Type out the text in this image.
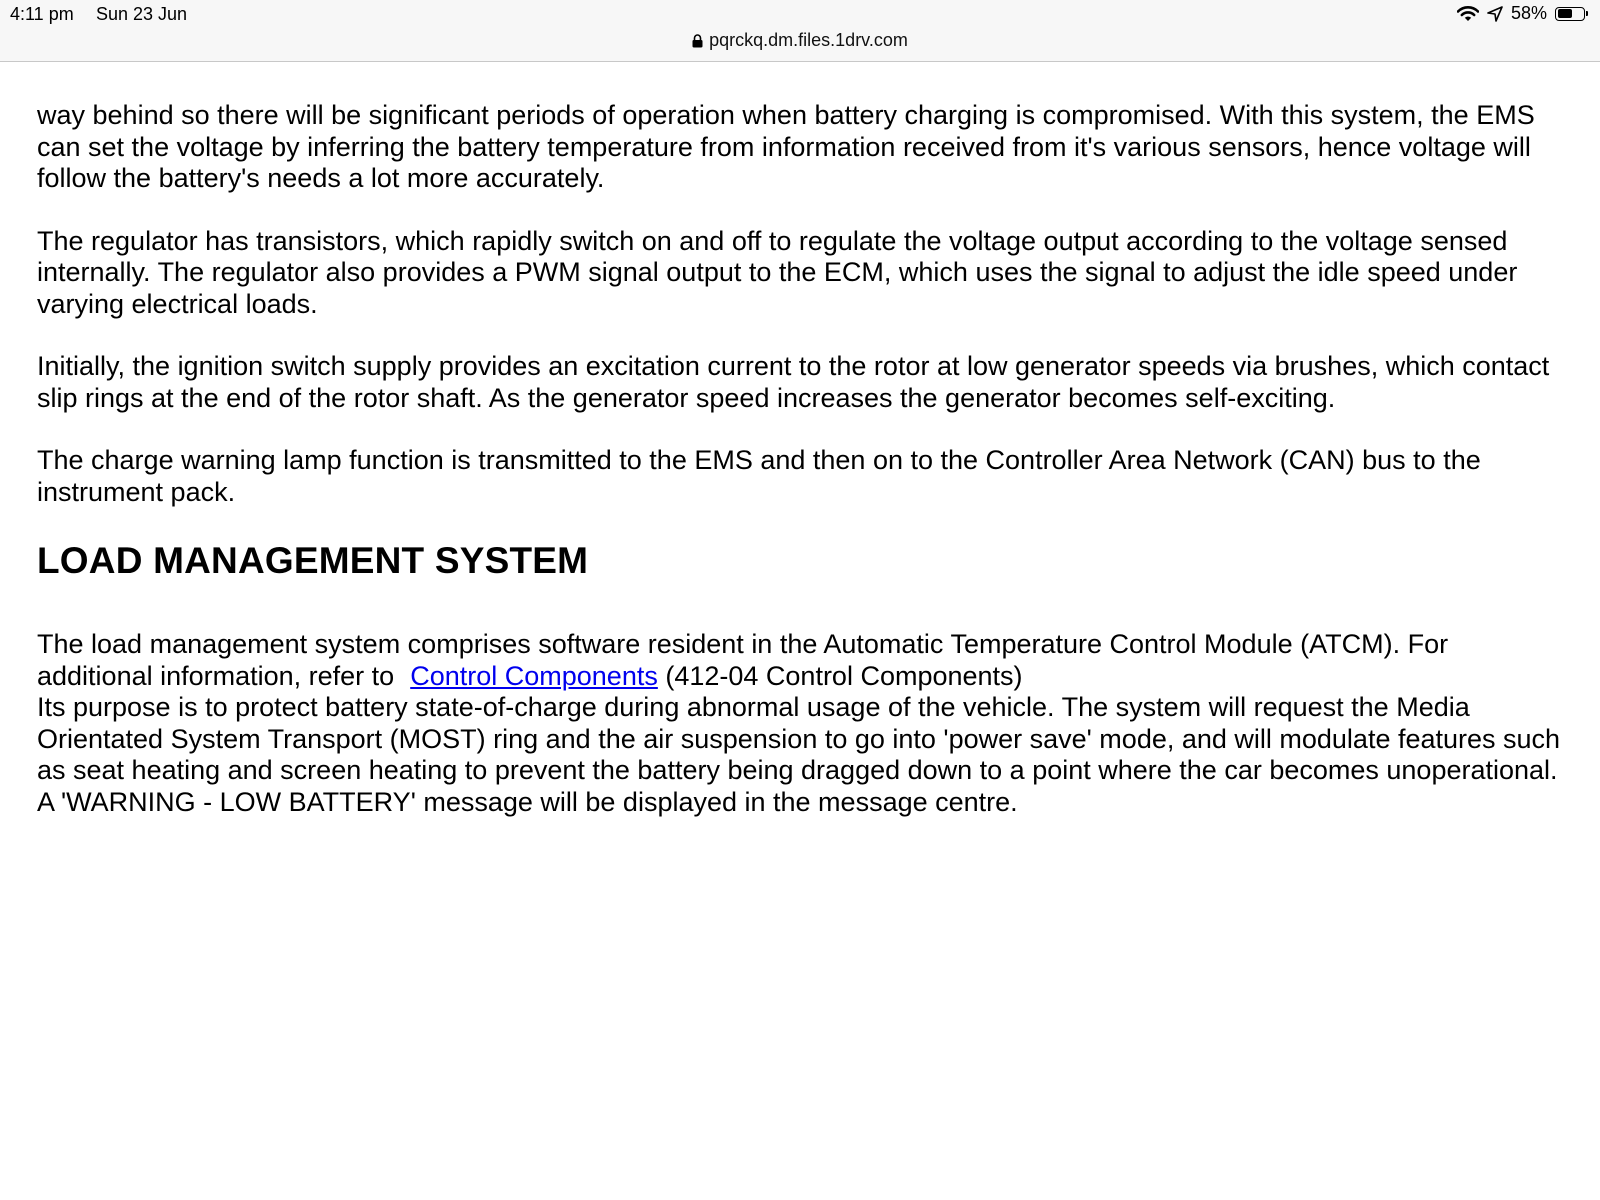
4:11 pm Sun 23 Jun	58%
pqrckq.dm.files.1drv.com

way behind so there will be significant periods of operation when battery charging is compromised. With this system, the EMS can set the voltage by inferring the battery temperature from information received from it's various sensors, hence voltage will follow the battery's needs a lot more accurately.

The regulator has transistors, which rapidly switch on and off to regulate the voltage output according to the voltage sensed internally. The regulator also provides a PWM signal output to the ECM, which uses the signal to adjust the idle speed under varying electrical loads.

Initially, the ignition switch supply provides an excitation current to the rotor at low generator speeds via brushes, which contact slip rings at the end of the rotor shaft. As the generator speed increases the generator becomes self-exciting.

The charge warning lamp function is transmitted to the EMS and then on to the Controller Area Network (CAN) bus to the instrument pack.

LOAD MANAGEMENT SYSTEM

The load management system comprises software resident in the Automatic Temperature Control Module (ATCM). For additional information, refer to Control Components (412-04 Control Components)

Its purpose is to protect battery state-of-charge during abnormal usage of the vehicle. The system will request the Media Orientated System Transport (MOST) ring and the air suspension to go into 'power save' mode, and will modulate features such as seat heating and screen heating to prevent the battery being dragged down to a point where the car becomes unoperational. A 'WARNING - LOW BATTERY' message will be displayed in the message centre.
